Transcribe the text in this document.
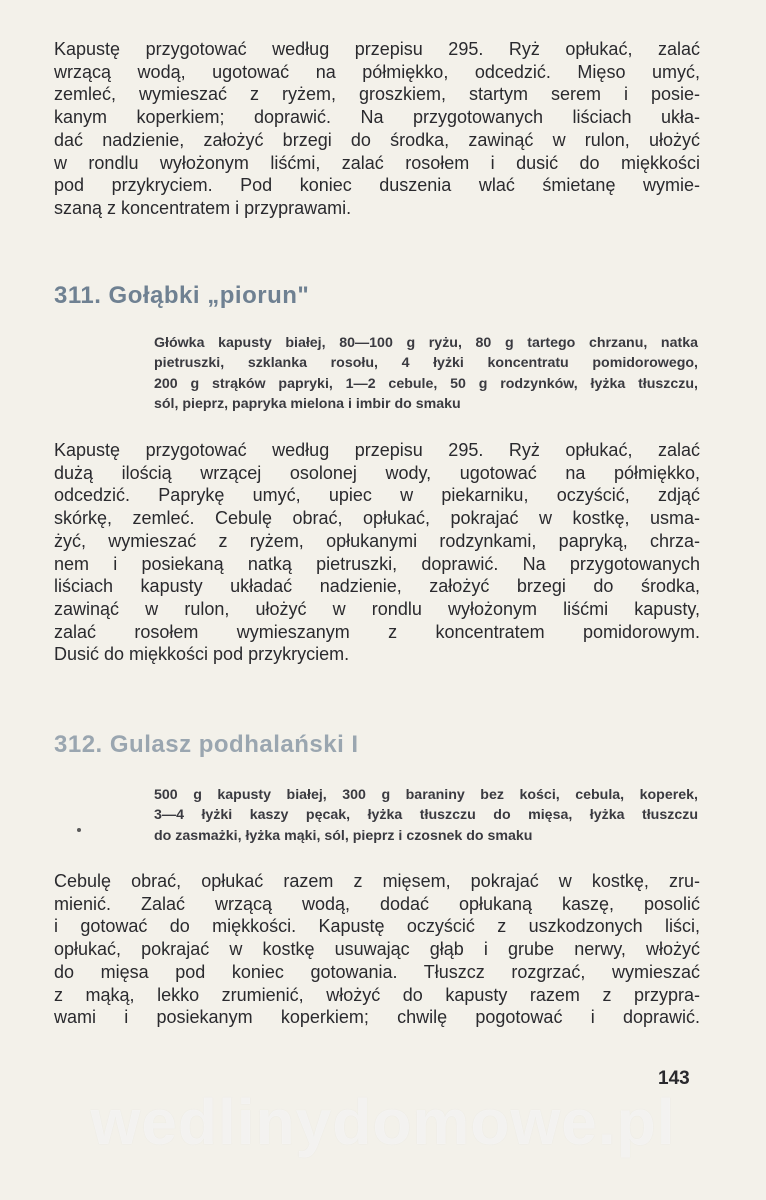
Kapustę przygotować według przepisu 295. Ryż opłukać, zalać
wrzącą wodą, ugotować na półmiękko, odcedzić. Mięso umyć,
zemleć, wymieszać z ryżem, groszkiem, startym serem i posie-
kanym koperkiem; doprawić. Na przygotowanych liściach ukła-
dać nadzienie, założyć brzegi do środka, zawinąć w rulon, ułożyć
w rondlu wyłożonym liśćmi, zalać rosołem i dusić do miękkości
pod przykryciem. Pod koniec duszenia wlać śmietanę wymie-
szaną z koncentratem i przyprawami.
311. Gołąbki „piorun"
Główka kapusty białej, 80—100 g ryżu, 80 g tartego chrzanu, natka
pietruszki, szklanka rosołu, 4 łyżki koncentratu pomidorowego,
200 g strąków papryki, 1—2 cebule, 50 g rodzynków, łyżka tłuszczu,
sól, pieprz, papryka mielona i imbir do smaku
Kapustę przygotować według przepisu 295. Ryż opłukać, zalać
dużą ilością wrzącej osolonej wody, ugotować na półmiękko,
odcedzić. Paprykę umyć, upiec w piekarniku, oczyścić, zdjąć
skórkę, zemleć. Cebulę obrać, opłukać, pokrajać w kostkę, usma-
żyć, wymieszać z ryżem, opłukanymi rodzynkami, papryką, chrza-
nem i posiekaną natką pietruszki, doprawić. Na przygotowanych
liściach kapusty układać nadzienie, założyć brzegi do środka,
zawinąć w rulon, ułożyć w rondlu wyłożonym liśćmi kapusty,
zalać rosołem wymieszanym z koncentratem pomidorowym.
Dusić do miękkości pod przykryciem.
312. Gulasz podhalański I
500 g kapusty białej, 300 g baraniny bez kości, cebula, koperek,
3—4 łyżki kaszy pęcak, łyżka tłuszczu do mięsa, łyżka tłuszczu
do zasmażki, łyżka mąki, sól, pieprz i czosnek do smaku
Cebulę obrać, opłukać razem z mięsem, pokrajać w kostkę, zru-
mienić. Zalać wrzącą wodą, dodać opłukaną kaszę, posolić
i gotować do miękkości. Kapustę oczyścić z uszkodzonych liści,
opłukać, pokrajać w kostkę usuwając głąb i grube nerwy, włożyć
do mięsa pod koniec gotowania. Tłuszcz rozgrzać, wymieszać
z mąką, lekko zrumienić, włożyć do kapusty razem z przypra-
wami i posiekanym koperkiem; chwilę pogotować i doprawić.
143
wedlinydomowe.pl
